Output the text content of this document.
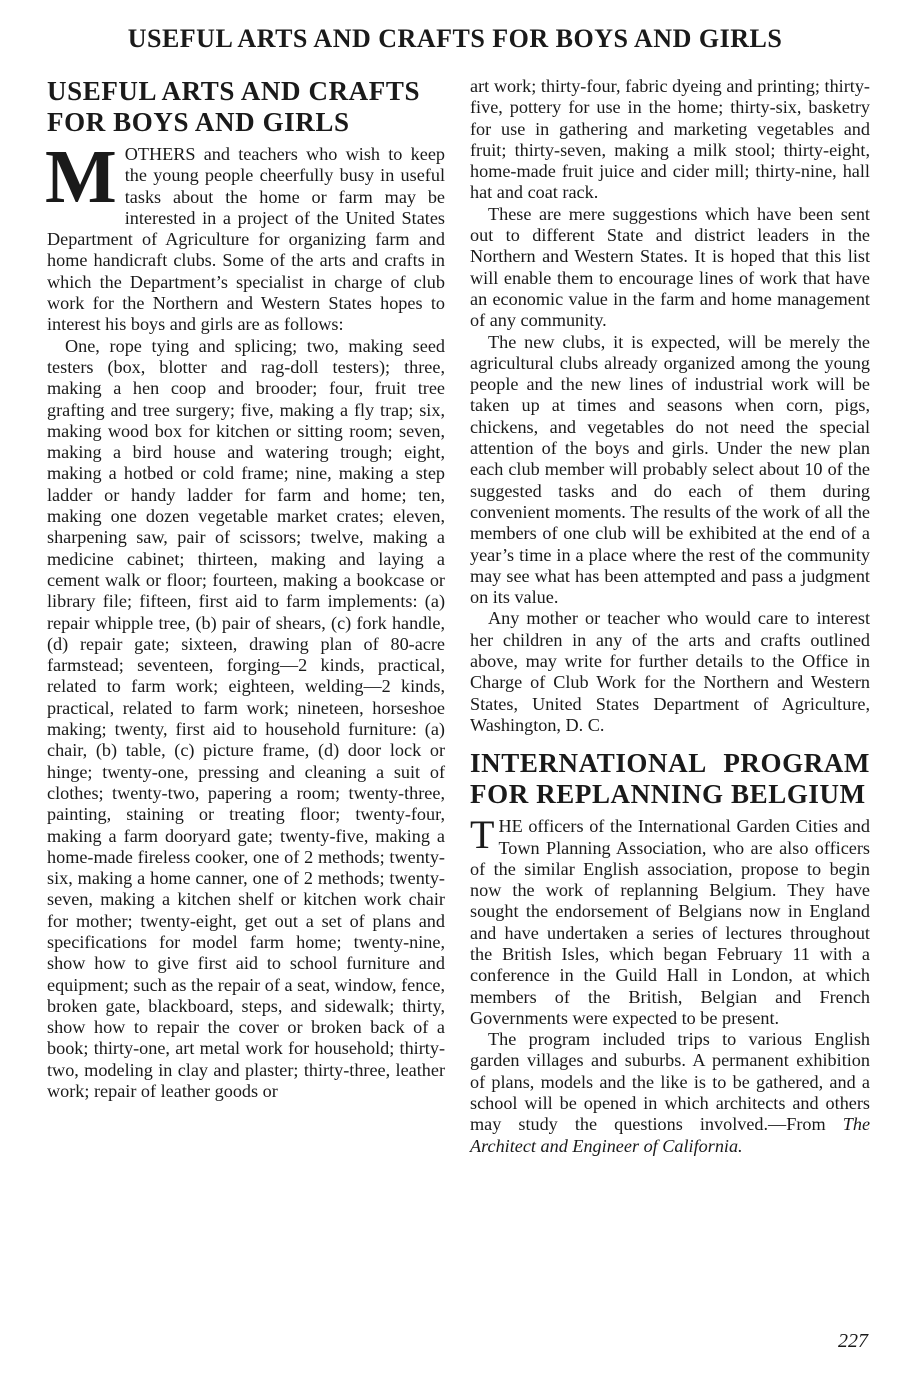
USEFUL ARTS AND CRAFTS FOR BOYS AND GIRLS
USEFUL ARTS AND CRAFTS
FOR BOYS AND GIRLS

MOTHERS and teachers who wish to keep the young people cheerfully busy in useful tasks about the home or farm may be interested in a project of the United States Department of Agriculture for organizing farm and home handicraft clubs. Some of the arts and crafts in which the Department’s specialist in charge of club work for the Northern and Western States hopes to interest his boys and girls are as follows:

One, rope tying and splicing; two, making seed testers (box, blotter and rag-doll testers); three, making a hen coop and brooder; four, fruit tree grafting and tree surgery; five, making a fly trap; six, making wood box for kitchen or sitting room; seven, making a bird house and watering trough; eight, making a hotbed or cold frame; nine, making a step ladder or handy ladder for farm and home; ten, making one dozen vegetable market crates; eleven, sharpening saw, pair of scissors; twelve, making a medicine cabinet; thirteen, making and laying a cement walk or floor; fourteen, making a bookcase or library file; fifteen, first aid to farm implements: (a) repair whipple tree, (b) pair of shears, (c) fork handle, (d) repair gate; sixteen, drawing plan of 80-acre farmstead; seventeen, forging—2 kinds, practical, related to farm work; eighteen, welding—2 kinds, practical, related to farm work; nineteen, horseshoe making; twenty, first aid to household furniture: (a) chair, (b) table, (c) picture frame, (d) door lock or hinge; twenty-one, pressing and cleaning a suit of clothes; twenty-two, papering a room; twenty-three, painting, staining or treating floor; twenty-four, making a farm dooryard gate; twenty-five, making a home-made fireless cooker, one of 2 methods; twenty-six, making a home canner, one of 2 methods; twenty-seven, making a kitchen shelf or kitchen work chair for mother; twenty-eight, get out a set of plans and specifications for model farm home; twenty-nine, show how to give first aid to school furniture and equipment; such as the repair of a seat, window, fence, broken gate, blackboard, steps, and sidewalk; thirty, show how to repair the cover or broken back of a book; thirty-one, art metal work for household; thirty-two, modeling in clay and plaster; thirty-three, leather work; repair of leather goods or

art work; thirty-four, fabric dyeing and printing; thirty-five, pottery for use in the home; thirty-six, basketry for use in gathering and marketing vegetables and fruit; thirty-seven, making a milk stool; thirty-eight, home-made fruit juice and cider mill; thirty-nine, hall hat and coat rack.

These are mere suggestions which have been sent out to different State and district leaders in the Northern and Western States. It is hoped that this list will enable them to encourage lines of work that have an economic value in the farm and home management of any community.

The new clubs, it is expected, will be merely the agricultural clubs already organized among the young people and the new lines of industrial work will be taken up at times and seasons when corn, pigs, chickens, and vegetables do not need the special attention of the boys and girls. Under the new plan each club member will probably select about 10 of the suggested tasks and do each of them during convenient moments. The results of the work of all the members of one club will be exhibited at the end of a year’s time in a place where the rest of the community may see what has been attempted and pass a judgment on its value.

Any mother or teacher who would care to interest her children in any of the arts and crafts outlined above, may write for further details to the Office in Charge of Club Work for the Northern and Western States, United States Department of Agriculture, Washington, D. C.

INTERNATIONAL PROGRAM
FOR REPLANNING BELGIUM

THE officers of the International Garden Cities and Town Planning Association, who are also officers of the similar English association, propose to begin now the work of replanning Belgium. They have sought the endorsement of Belgians now in England and have undertaken a series of lectures throughout the British Isles, which began February 11 with a conference in the Guild Hall in London, at which members of the British, Belgian and French Governments were expected to be present.

The program included trips to various English garden villages and suburbs. A permanent exhibition of plans, models and the like is to be gathered, and a school will be opened in which architects and others may study the questions involved.—From The Architect and Engineer of California.

227
